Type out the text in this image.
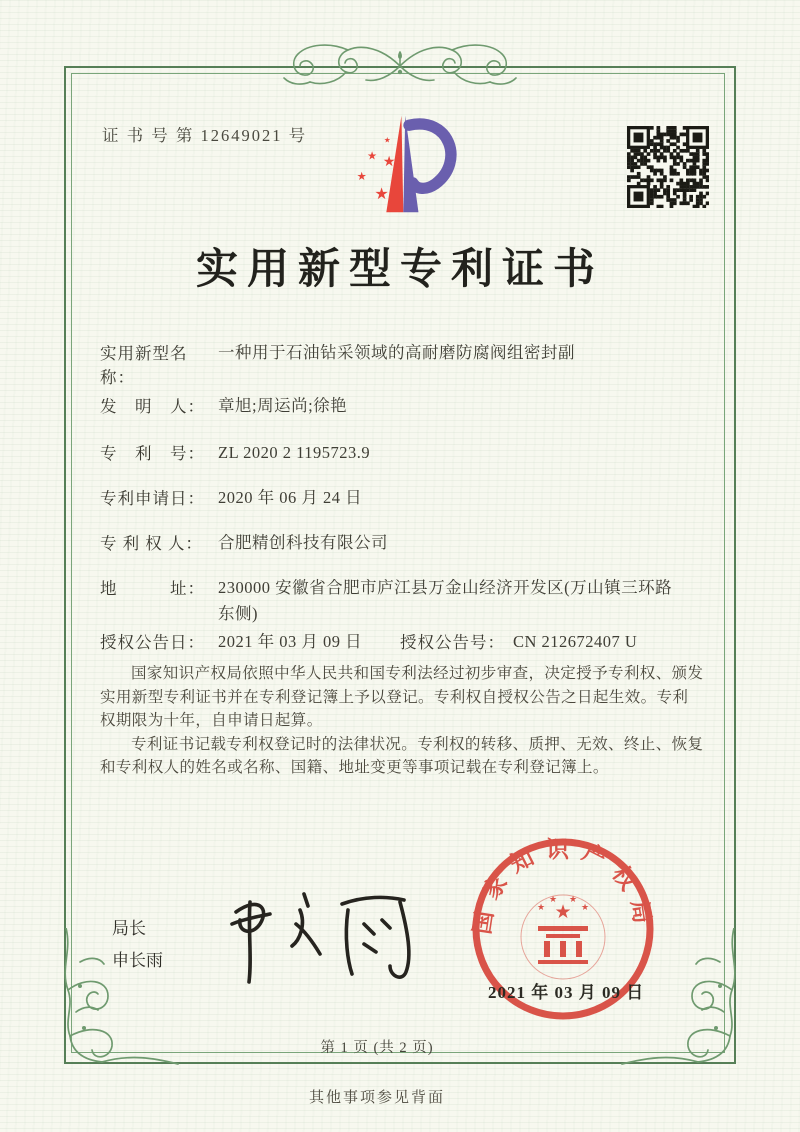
证 书 号 第 12649021 号	★
★ ★
★
★
实用新型专利证书
实用新型名称：一种用于石油钻采领域的高耐磨防腐阀组密封副
发　明　人： 章旭;周运尚;徐艳
专　利　号： ZL 2020 2 1195723.9
专利申请日： 2020 年 06 月 24 日
专 利 权 人： 合肥精创科技有限公司
地　　　址： 230000 安徽省合肥市庐江县万金山经济开发区(万山镇三环路东侧)
授权公告日： 2021 年 03 月 09 日 授权公告号： CN 212672407 U

国家知识产权局依照中华人民共和国专利法经过初步审查，决定授予专利权、颁发实用新型专利证书并在专利登记簿上予以登记。专利权自授权公告之日起生效。专利权期限为十年，自申请日起算。

专利证书记载专利权登记时的法律状况。专利权的转移、质押、无效、终止、恢复和专利权人的姓名或名称、国籍、地址变更等事项记载在专利登记簿上。

局长
申长雨
国家知识产权局
★
★
★ ★
★
2021 年 03 月 09 日
第 1 页 (共 2 页)
其他事项参见背面
